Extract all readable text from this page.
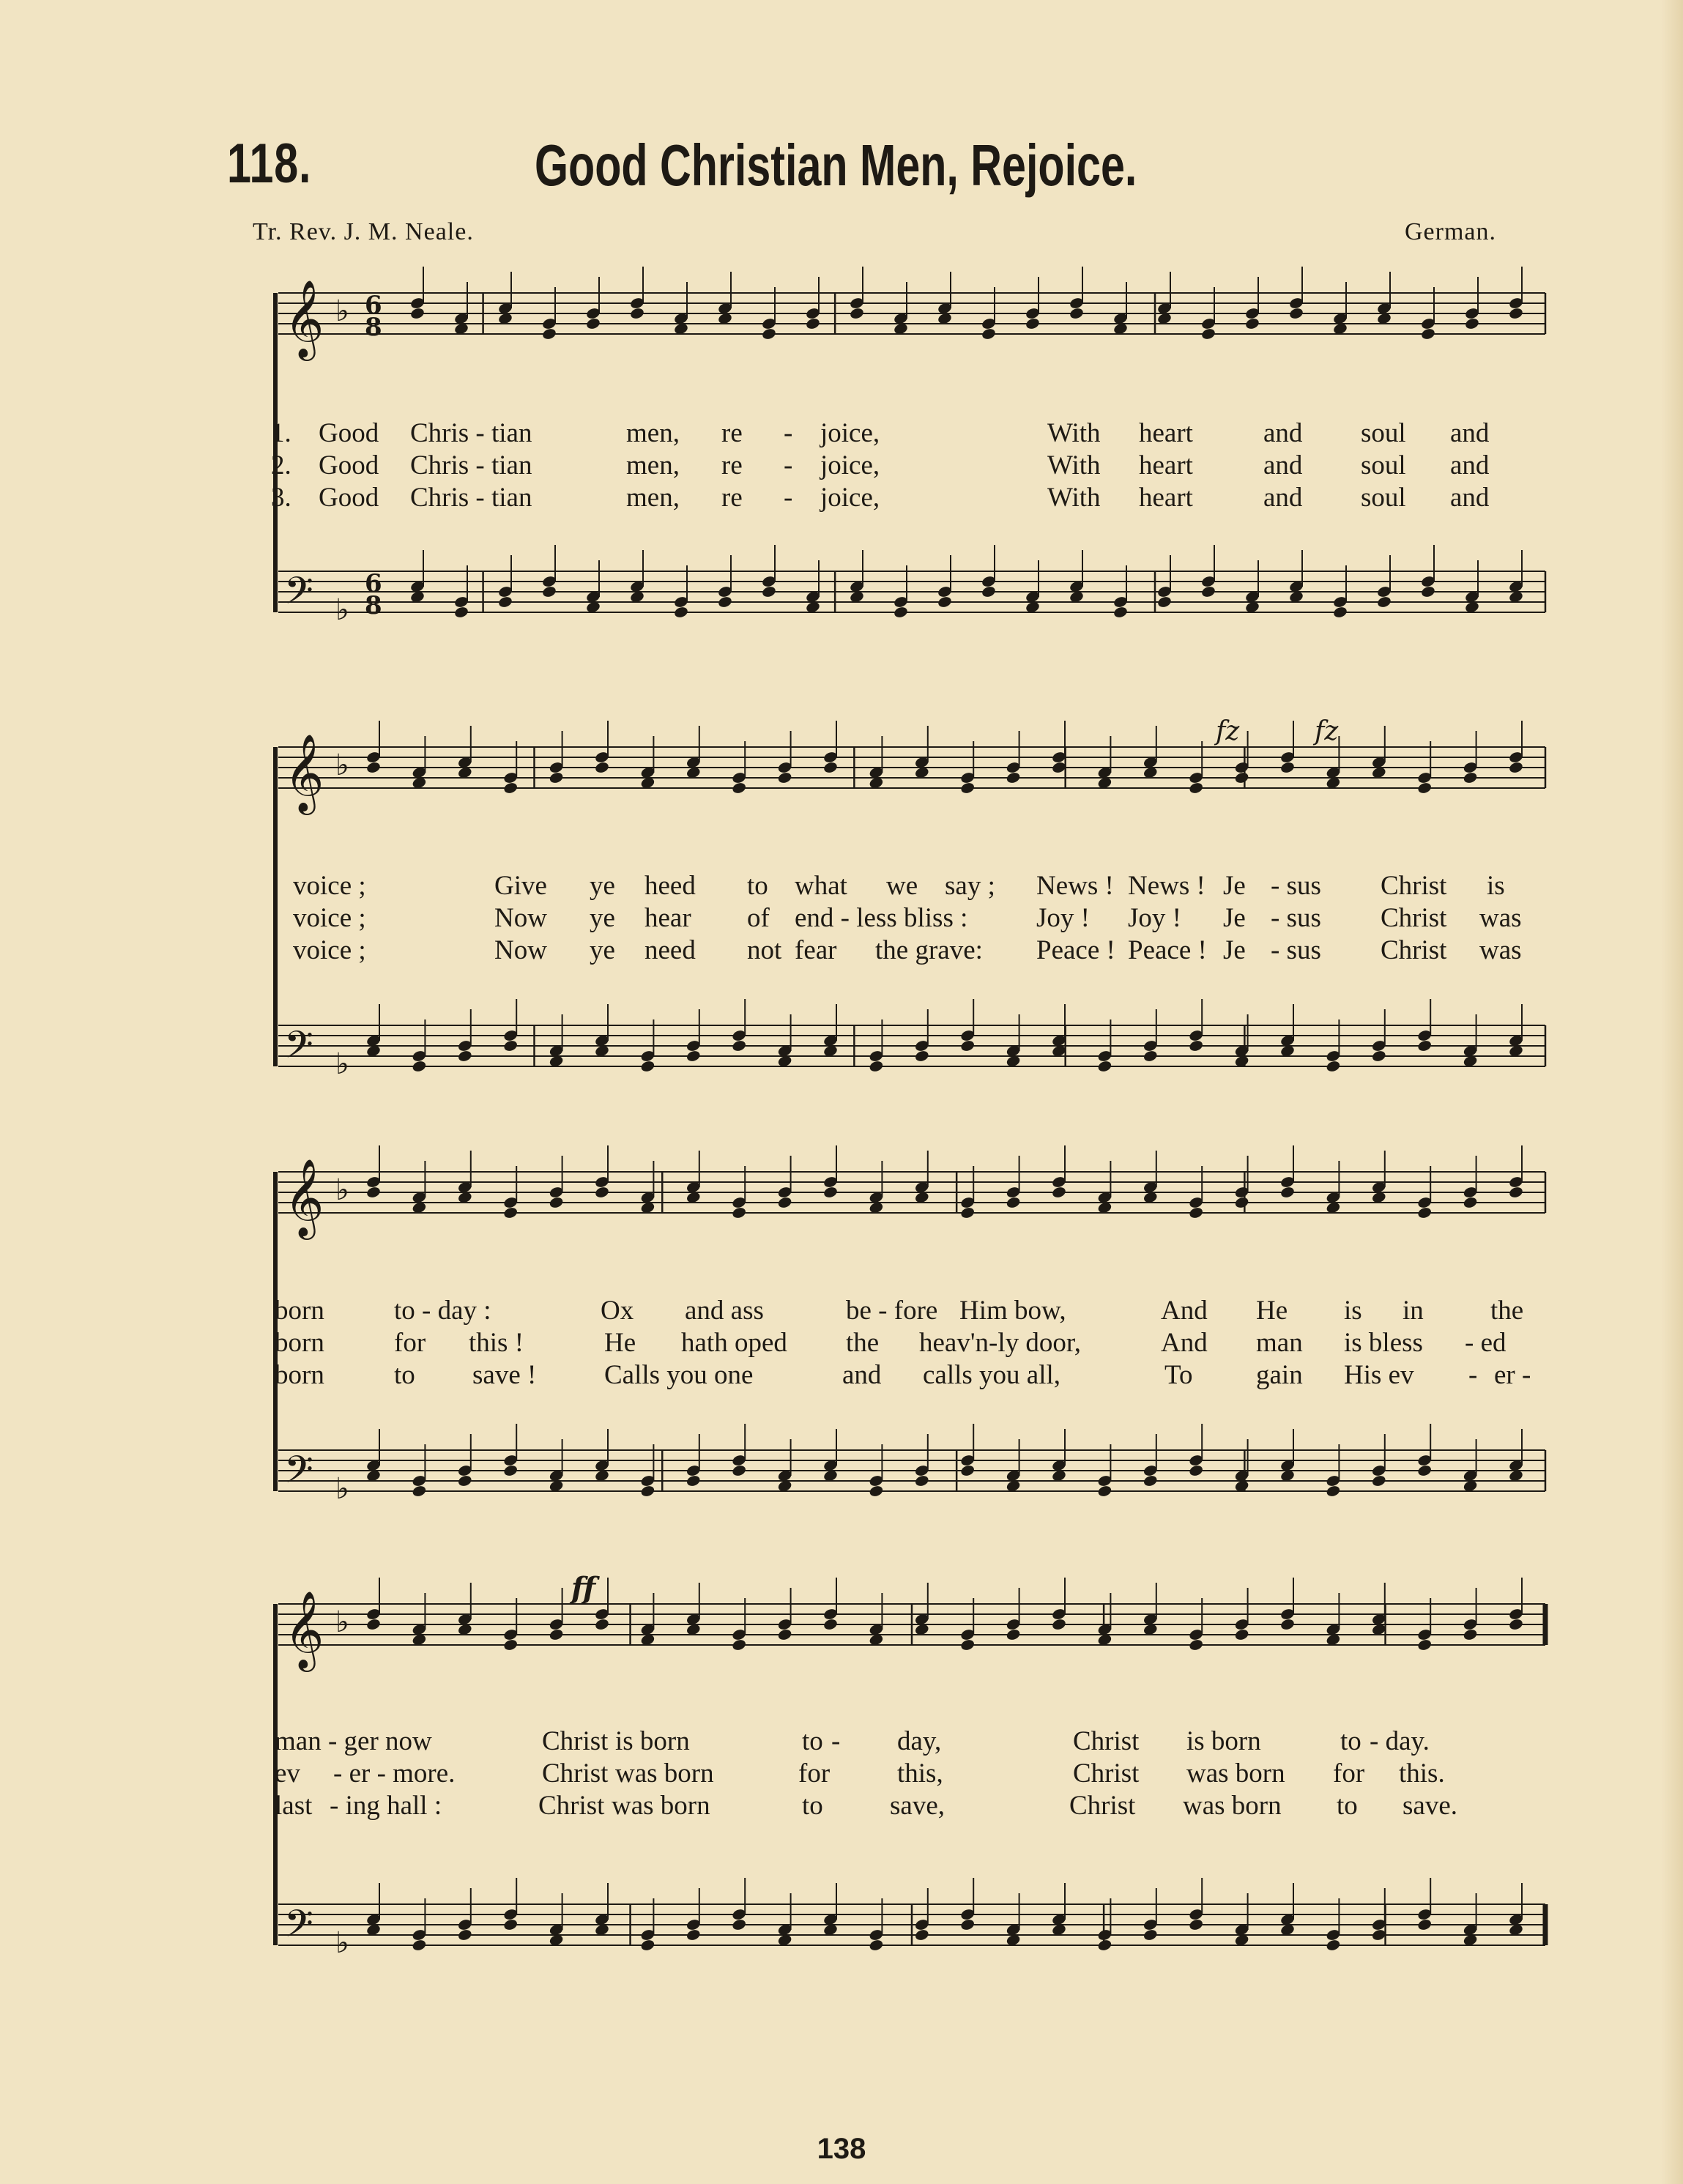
118.	Good Christian Men, Rejoice.
Tr. Rev. J. M. Neale.	German.
𝄞 ♭ 6
8
𝄢 ♭
6
8
1. Good Chris - tian	men, re - joice,	With heart	and soul and
2. Good Chris - tian	men, re - joice,	With heart	and soul and
3. Good Chris - tian	men, re - joice,	With heart	and soul and
𝄞 ♭
𝄢 ♭
fz	fz
voice ;	Give ye heed to what we say ; News ! News ! Je - sus Christ is
voice ;	Now ye hear of end - less bliss :	Joy ! Joy ! Je - sus Christ was
voice ;	Now ye need not fear the grave: Peace ! Peace ! Je - sus Christ was
𝄞 ♭
𝄢 ♭
born	to - day :	Ox and ass	be - fore Him bow,	And He is in the
born	for this !	He hath oped the heav'n-ly door,	And man is bless - ed
born	to save !	Calls you one	and calls you all,	To gain His ev - er -
𝄞 ♭
𝄢 ♭
ff
man - ger now	Christ is born	to - day,	Christ is born	to - day.
ev - er - more.	Christ was born	for this,	Christ was born for this.
last - ing hall :	Christ was born	to save,	Christ was born to save.
138
